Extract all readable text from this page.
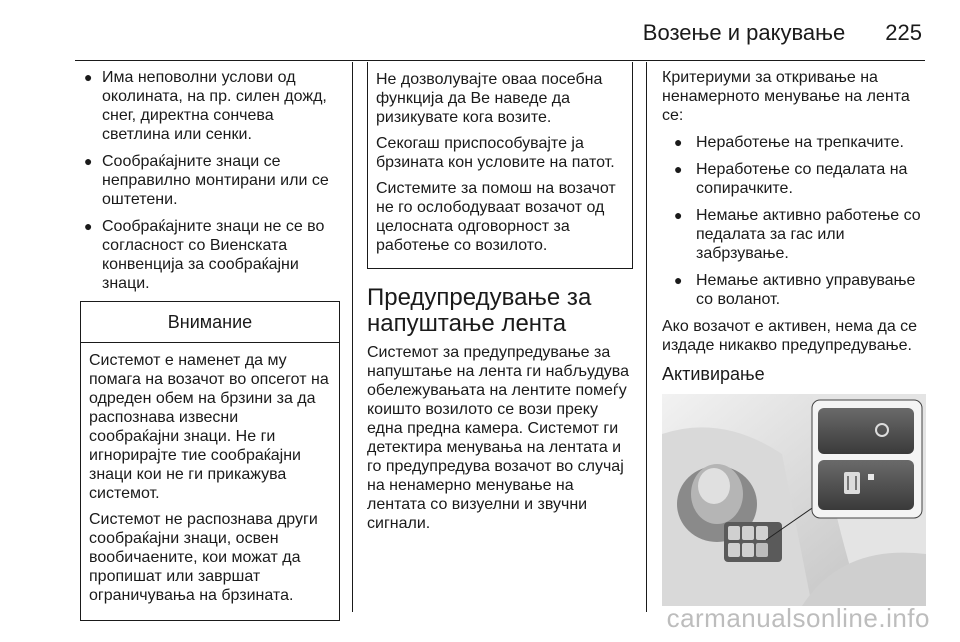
Возење и ракување 225
● Има неповолни услови од околината, на пр. силен дожд, снег, директна сончева светлина или сенки.
● Сообраќајните знаци се неправилно монтирани или се оштетени.
● Сообраќајните знаци не се во согласност со Виенската конвенција за сообраќајни знаци.
Внимание

Системот е наменет да му помага на возачот во опсегот на одреден обем на брзини за да распознава извесни сообраќајни знаци. Не ги игнорирајте тие сообраќајни знаци кои не ги прикажува системот.

Системот не распознава други сообраќајни знаци, освен вообичаените, кои можат да пропишат или завршат ограничувања на брзината.

Не дозволувајте оваа посебна функција да Ве наведе да ризикувате кога возите.

Секогаш приспособувајте ја брзината кон условите на патот.

Системите за помош на возачот не го ослободуваат возачот од целосната одговорност за работење со возилото.

Предупредување за напуштање лента

Системот за предупредување за напуштање на лента ги набљудува обележувањата на лентите помеѓу коишто возилото се вози преку една предна камера. Системот ги детектира менувања на лентата и го предупредува возачот во случај на ненамерно менување на лентата со визуелни и звучни сигнали.

Критериуми за откривање на ненамерното менување на лента се:

● Неработење на трепкачите.
● Неработење со педалата на сопирачките.
● Немање активно работење со педалата за гас или забрзување.
● Немање активно управување со воланот.

Ако возачот е активен, нема да се издаде никакво предупредување.

Активирање
carmanualsonline.info
